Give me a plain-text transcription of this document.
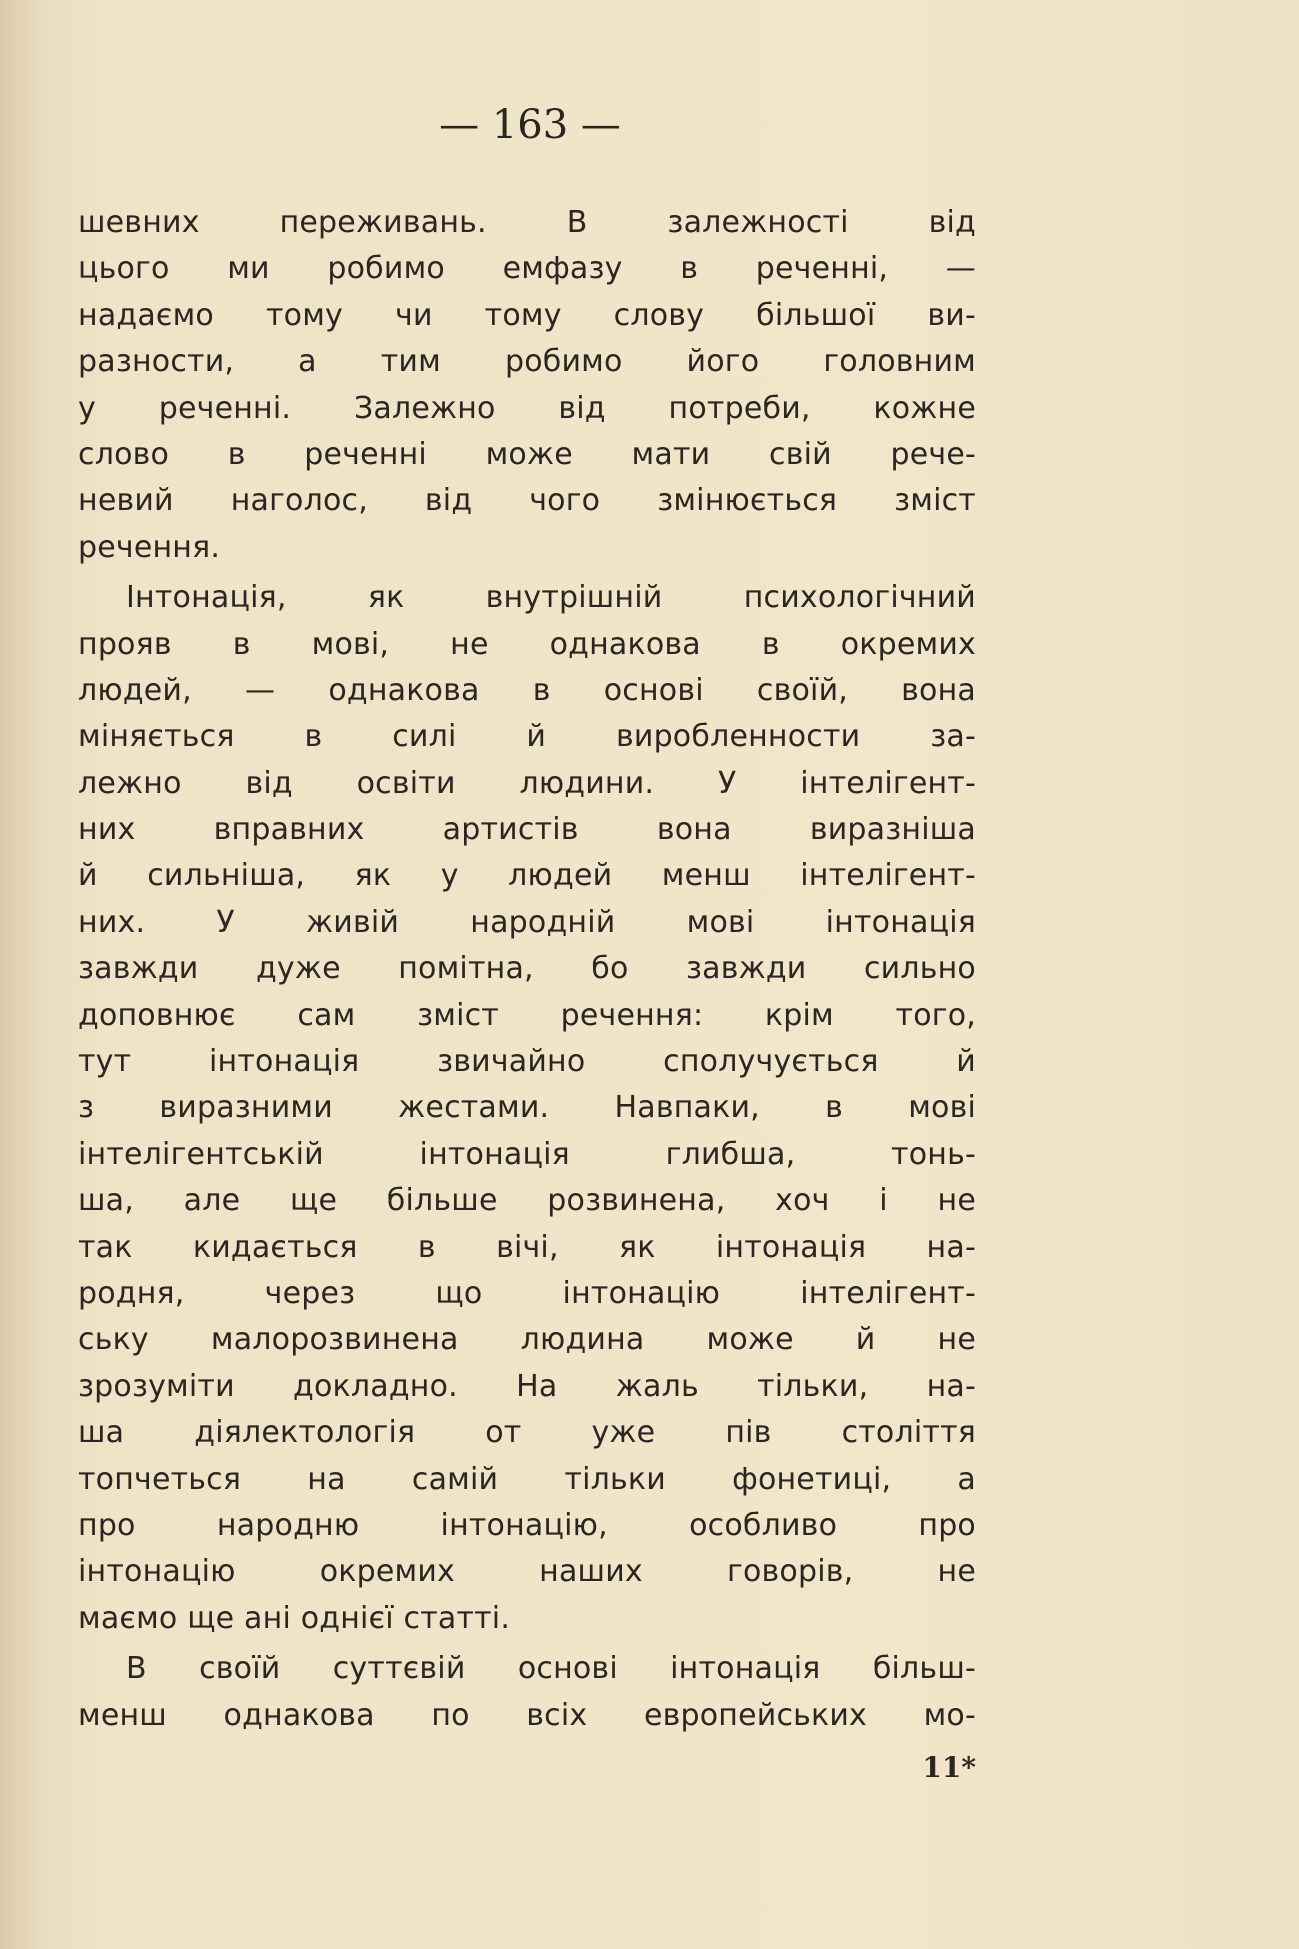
— 163 —
шевних переживань. В залежності від
цього ми робимо емфазу в реченні, —
надаємо тому чи тому слову більшої ви-
разности, а тим робимо його головним
у реченні. Залежно від потреби, кожне
слово в реченні може мати свій рече-
невий наголос, від чого змінюється зміст
речення.
Інтонація, як внутрішній психологічний
прояв в мові, не однакова в окремих
людей, — однакова в основі своїй, вона
міняється в силі й виробленности за-
лежно від освіти людини. У інтелігент-
них вправних артистів вона виразніша
й сильніша, як у людей менш інтелігент-
них. У живій народній мові інтонація
завжди дуже помітна, бо завжди сильно
доповнює сам зміст речення: крім того,
тут інтонація звичайно сполучується й
з виразними жестами. Навпаки, в мові
інтелігентській інтонація глибша, тонь-
ша, але ще більше розвинена, хоч і не
так кидається в вічі, як інтонація на-
родня, через що інтонацію інтелігент-
ську малорозвинена людина може й не
зрозуміти докладно. На жаль тільки, на-
ша діялектологія от уже пів століття
топчеться на самій тільки фонетиці, а
про народню інтонацію, особливо про
інтонацію окремих наших говорів, не
маємо ще ані однієї статті.
В своїй суттєвій основі інтонація більш-
менш однакова по всіх европейських мо-
11*
